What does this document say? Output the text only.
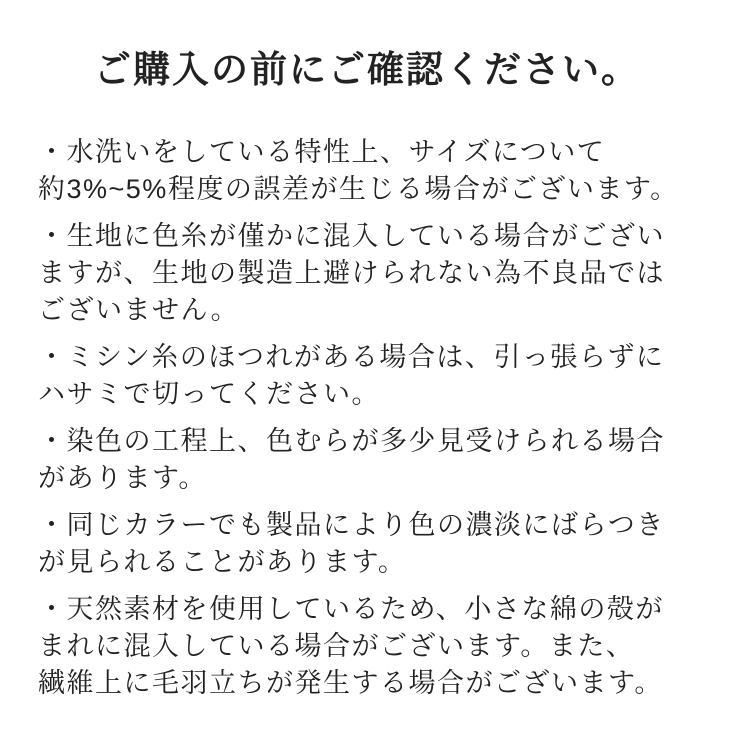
ご購入の前にご確認ください。
・水洗いをしている特性上、サイズについて
約3%~5%程度の誤差が生じる場合がございます。
・生地に色糸が僅かに混入している場合がござい
ますが、生地の製造上避けられない為不良品では
ございません。
・ミシン糸のほつれがある場合は、引っ張らずに
ハサミで切ってください。
・染色の工程上、色むらが多少見受けられる場合
があります。
・同じカラーでも製品により色の濃淡にばらつき
が見られることがあります。
・天然素材を使用しているため、小さな綿の殻が
まれに混入している場合がございます。また、
繊維上に毛羽立ちが発生する場合がございます。
